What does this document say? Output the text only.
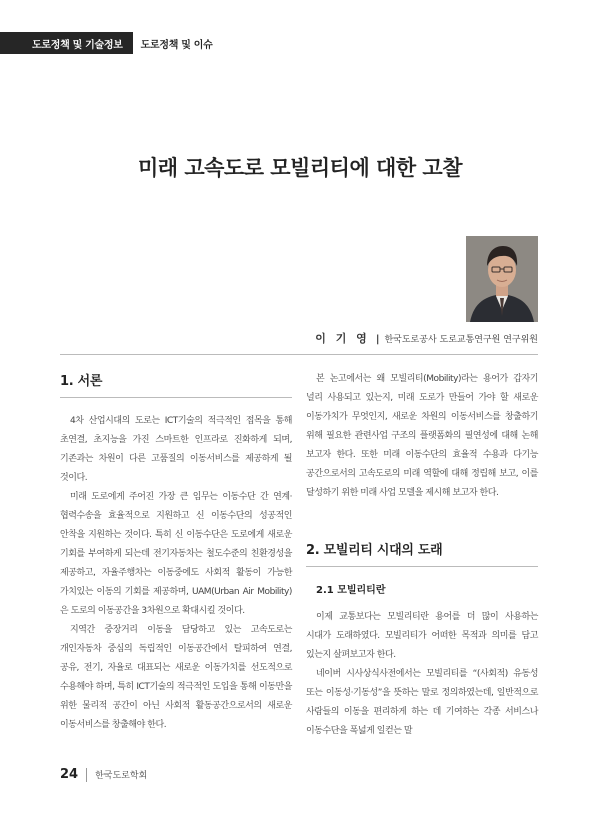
도로정책 및 기술정보	도로정책 및 이슈
미래 고속도로 모빌리티에 대한 고찰
이 기 영 | 한국도로공사 도로교통연구원 연구위원
1. 서론

4차 산업시대의 도로는 ICT기술의 적극적인 접목을 통해 초연결, 초지능을 가진 스마트한 인프라로 진화하게 되며, 기존과는 차원이 다른 고품질의 이동서비스를 제공하게 될 것이다.

미래 도로에게 주어진 가장 큰 임무는 이동수단 간 연계·협력수송을 효율적으로 지원하고 신 이동수단의 성공적인 안착을 지원하는 것이다. 특히 신 이동수단은 도로에게 새로운 기회를 부여하게 되는데 전기자동차는 철도수준의 친환경성을 제공하고, 자율주행차는 이동중에도 사회적 활동이 가능한 가치있는 이동의 기회를 제공하며, UAM(Urban Air Mobility)은 도로의 이동공간을 3차원으로 확대시킬 것이다.

지역간 중장거리 이동을 담당하고 있는 고속도로는 개인자동차 중심의 독립적인 이동공간에서 탈피하여 연결, 공유, 전기, 자율로 대표되는 새로운 이동가치를 선도적으로 수용해야 하며, 특히 ICT기술의 적극적인 도입을 통해 이동만을 위한 물리적 공간이 아닌 사회적 활동공간으로서의 새로운 이동서비스를 창출해야 한다.

본 논고에서는 왜 모빌리티(Mobility)라는 용어가 갑자기 널리 사용되고 있는지, 미래 도로가 만들어 가야 할 새로운 이동가치가 무엇인지, 새로운 차원의 이동서비스를 창출하기 위해 필요한 관련사업 구조의 플랫폼화의 필연성에 대해 논해 보고자 한다. 또한 미래 이동수단의 효율적 수용과 다기능 공간으로서의 고속도로의 미래 역할에 대해 정립해 보고, 이를 달성하기 위한 미래 사업 모델을 제시해 보고자 한다.

2. 모빌리티 시대의 도래
2.1 모빌리티란

이제 교통보다는 모빌리티란 용어를 더 많이 사용하는 시대가 도래하였다. 모빌리티가 어떠한 목적과 의미를 담고 있는지 살펴보고자 한다.

네이버 시사상식사전에서는 모빌리티를 “(사회적) 유동성 또는 이동성·기동성”을 뜻하는 말로 정의하였는데, 일반적으로 사람들의 이동을 편리하게 하는 데 기여하는 각종 서비스나 이동수단을 폭넓게 일컫는 말

24 한국도로학회
